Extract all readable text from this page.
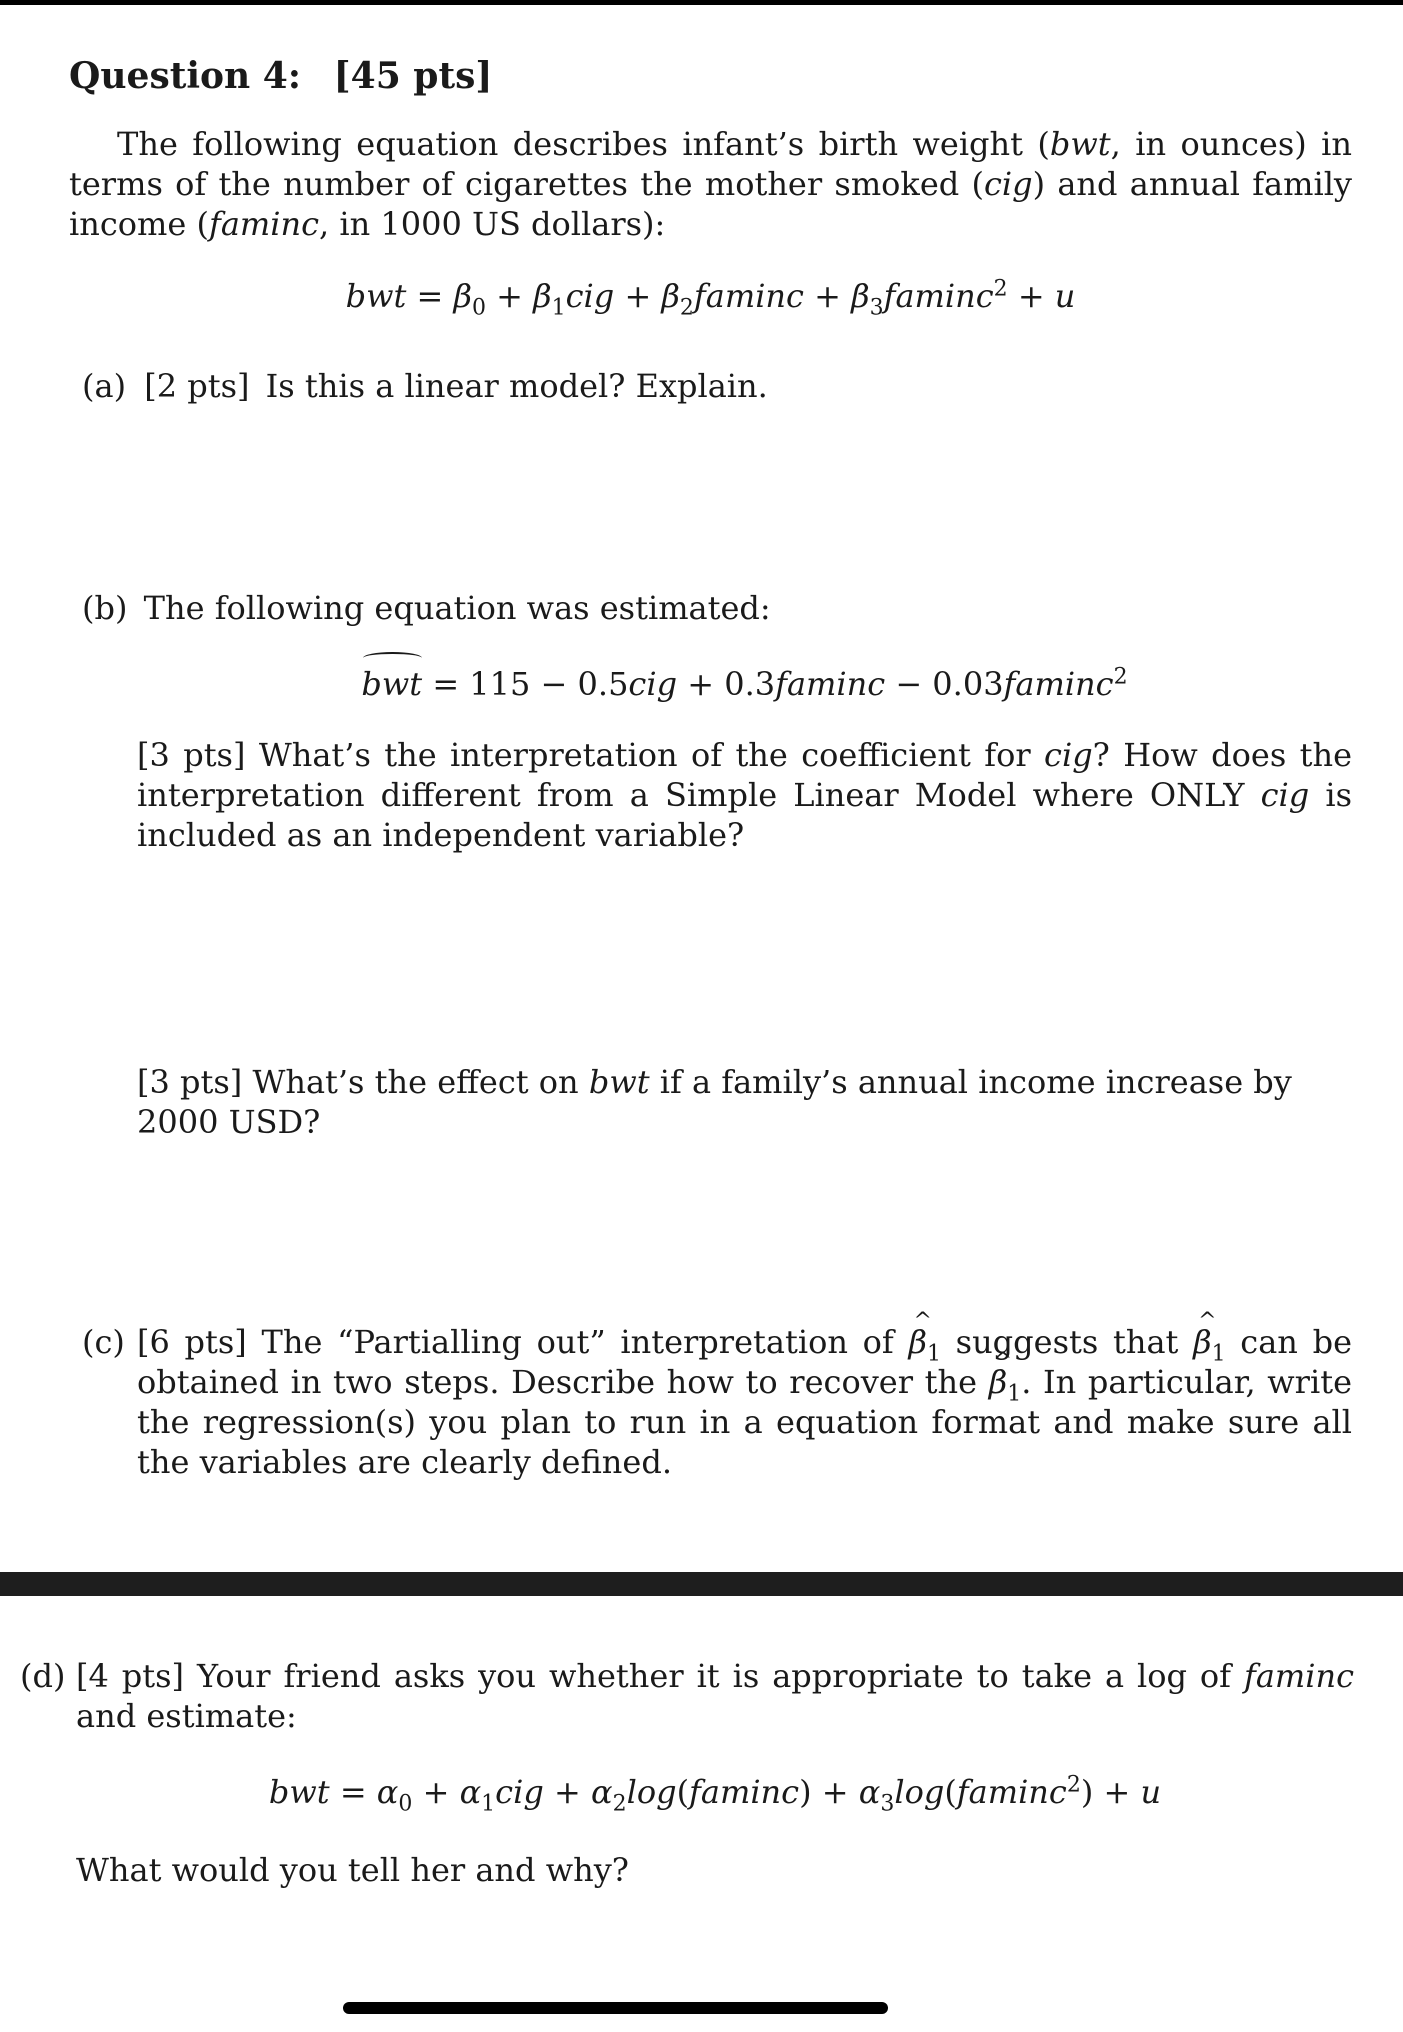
Question 4: [45 pts]
The following equation describes infant’s birth weight (bwt, in ounces) in terms of the number of cigarettes the mother smoked (cig) and annual family income (faminc, in 1000 US dollars):
bwt = $\beta_0 + \beta_1cig + \beta_2faminc + \beta_3faminc^2 + u$
(a) [2 pts] Is this a linear model? Explain.
(b) The following equation was estimated:
bwt = 115 − 0.5cig + 0.3faminc − 0.03faminc$^2$
[3 pts] What’s the interpretation of the coefficient for cig? How does the interpretation different from a Simple Linear Model where ONLY cig is included as an independent variable?
[3 pts] What’s the effect on bwt if a family’s annual income increase by 2000 USD?
(c) [6 pts] The “Partialling out” interpretation of ^ $\beta_1$ suggests that ^ $\beta_1$ can be obtained in two steps. Describe how to recover the ^ $\beta_1$. In particular, write the regression(s) you plan to run in a equation format and make sure all the variables are clearly defined.
(d) [4 pts] Your friend asks you whether it is appropriate to take a log of faminc and estimate:
bwt = $\alpha_0 + \alpha_1cig + \alpha_2\log(faminc) + \alpha_3\log(faminc^2) + u$
What would you tell her and why?
